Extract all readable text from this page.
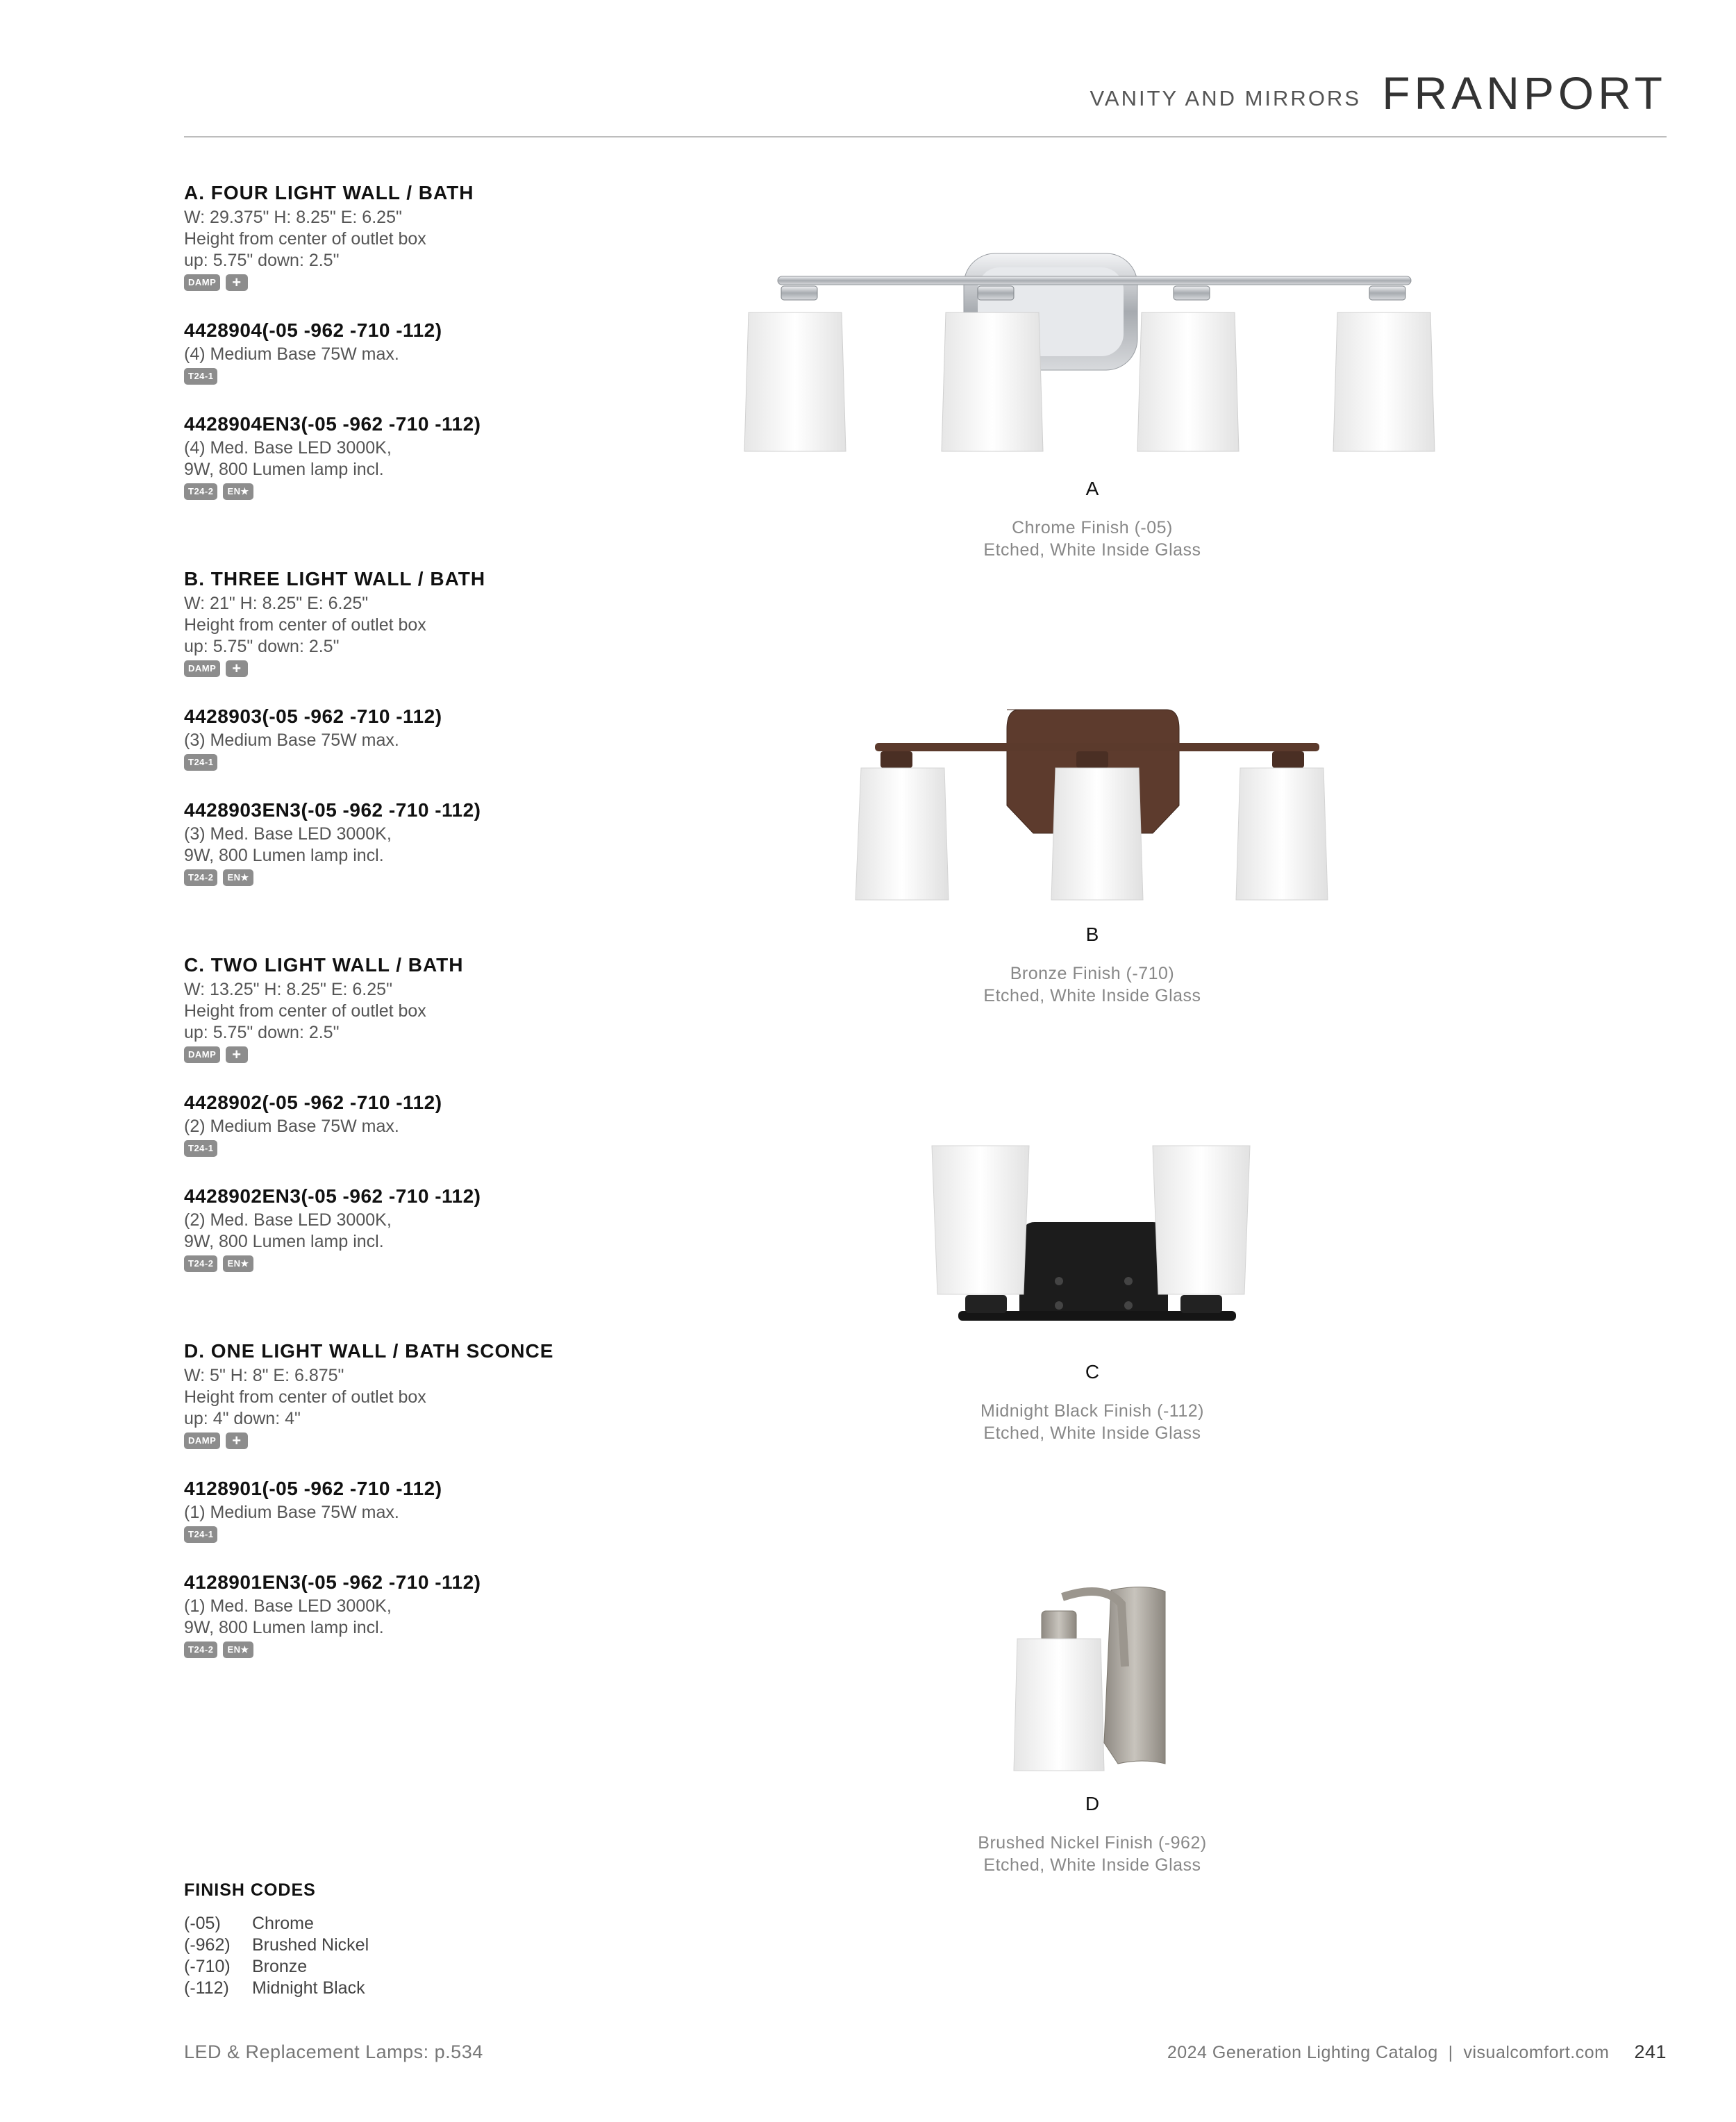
VANITY AND MIRRORS FRANPORT

A. FOUR LIGHT WALL / BATH

W: 29.375" H: 8.25" E: 6.25"

Height from center of outlet box

up: 5.75" down: 2.5"

DAMP	+

4428904(-05 -962 -710 -112)

(4) Medium Base 75W max.

T24-1

4428904EN3(-05 -962 -710 -112)

(4) Med. Base LED 3000K,

9W, 800 Lumen lamp incl.

T24-2	EN★

B. THREE LIGHT WALL / BATH

W: 21" H: 8.25" E: 6.25"

Height from center of outlet box

up: 5.75" down: 2.5"

DAMP	+

4428903(-05 -962 -710 -112)

(3) Medium Base 75W max.

T24-1

4428903EN3(-05 -962 -710 -112)

(3) Med. Base LED 3000K,

9W, 800 Lumen lamp incl.

T24-2	EN★

C. TWO LIGHT WALL / BATH

W: 13.25" H: 8.25" E: 6.25"

Height from center of outlet box

up: 5.75" down: 2.5"

DAMP	+

4428902(-05 -962 -710 -112)

(2) Medium Base 75W max.

T24-1

4428902EN3(-05 -962 -710 -112)

(2) Med. Base LED 3000K,

9W, 800 Lumen lamp incl.

T24-2	EN★

D. ONE LIGHT WALL / BATH SCONCE

W: 5" H: 8" E: 6.875"

Height from center of outlet box

up: 4" down: 4"

DAMP	+

4128901(-05 -962 -710 -112)

(1) Medium Base 75W max.

T24-1

4128901EN3(-05 -962 -710 -112)

(1) Med. Base LED 3000K,

9W, 800 Lumen lamp incl.

T24-2	EN★

A

Chrome Finish (-05)

Etched, White Inside Glass

B

Bronze Finish (-710)

Etched, White Inside Glass

C

Midnight Black Finish (-112)

Etched, White Inside Glass

D

Brushed Nickel Finish (-962)

Etched, White Inside Glass

FINISH CODES

(-05)	Chrome
(-962)	Brushed Nickel
(-710)	Bronze
(-112)	Midnight Black
LED & Replacement Lamps: p.534	2024 Generation Lighting Catalog  |  visualcomfort.com 241
